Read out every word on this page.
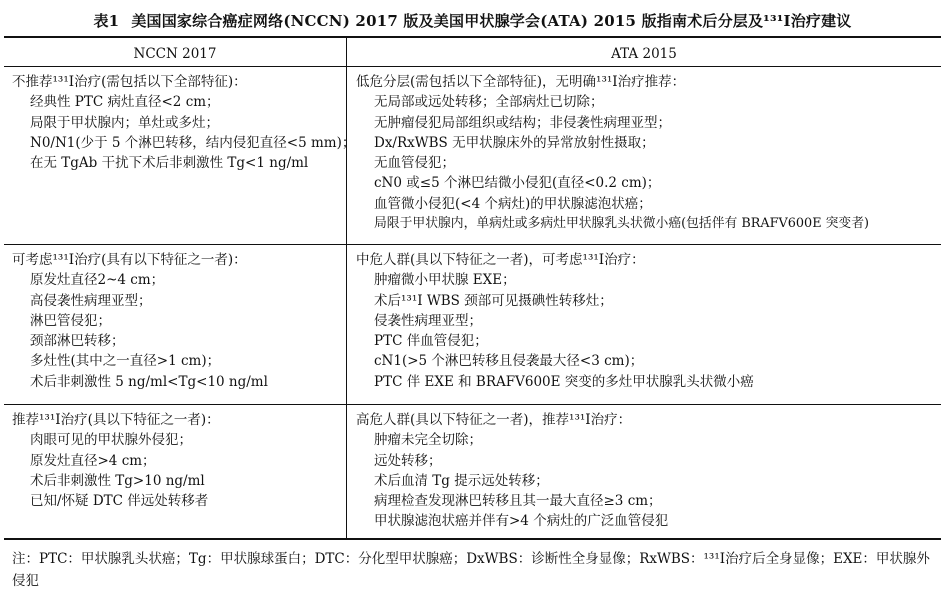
表1 美国国家综合癌症网络(NCCN) 2017 版及美国甲状腺学会(ATA) 2015 版指南术后分层及¹³¹I治疗建议
NCCN 2017	ATA 2015
不推荐¹³¹I治疗(需包括以下全部特征)：
经典性 PTC 病灶直径<2 cm；
局限于甲状腺内；单灶或多灶；
N0/N1(少于 5 个淋巴转移，结内侵犯直径<5 mm)；
在无 TgAb 干扰下术后非刺激性 Tg<1 ng/ml
低危分层(需包括以下全部特征)，无明确¹³¹I治疗推荐：
无局部或远处转移；全部病灶已切除；
无肿瘤侵犯局部组织或结构；非侵袭性病理亚型；
Dx/RxWBS 无甲状腺床外的异常放射性摄取；
无血管侵犯；
cN0 或≤5 个淋巴结微小侵犯(直径<0.2 cm)；
血管微小侵犯(<4 个病灶)的甲状腺滤泡状癌；
局限于甲状腺内，单病灶或多病灶甲状腺乳头状微小癌(包括伴有 BRAFV600E 突变者)
可考虑¹³¹I治疗(具有以下特征之一者)：
原发灶直径2~4 cm；
高侵袭性病理亚型；
淋巴管侵犯；
颈部淋巴转移；
多灶性(其中之一直径>1 cm)；
术后非刺激性 5 ng/ml<Tg<10 ng/ml
中危人群(具以下特征之一者)，可考虑¹³¹I治疗：
肿瘤微小甲状腺 EXE；
术后¹³¹I WBS 颈部可见摄碘性转移灶；
侵袭性病理亚型；
PTC 伴血管侵犯；
cN1(>5 个淋巴转移且侵袭最大径<3 cm)；
PTC 伴 EXE 和 BRAFV600E 突变的多灶甲状腺乳头状微小癌
推荐¹³¹I治疗(具以下特征之一者)：
肉眼可见的甲状腺外侵犯；
原发灶直径>4 cm；
术后非刺激性 Tg>10 ng/ml
已知/怀疑 DTC 伴远处转移者
高危人群(具以下特征之一者)，推荐¹³¹I治疗：
肿瘤未完全切除；
远处转移；
术后血清 Tg 提示远处转移；
病理检查发现淋巴转移且其一最大直径≥3 cm；
甲状腺滤泡状癌并伴有>4 个病灶的广泛血管侵犯
注：PTC：甲状腺乳头状癌；Tg：甲状腺球蛋白；DTC：分化型甲状腺癌；DxWBS：诊断性全身显像；RxWBS：¹³¹I治疗后全身显像；EXE：甲状腺外侵犯
